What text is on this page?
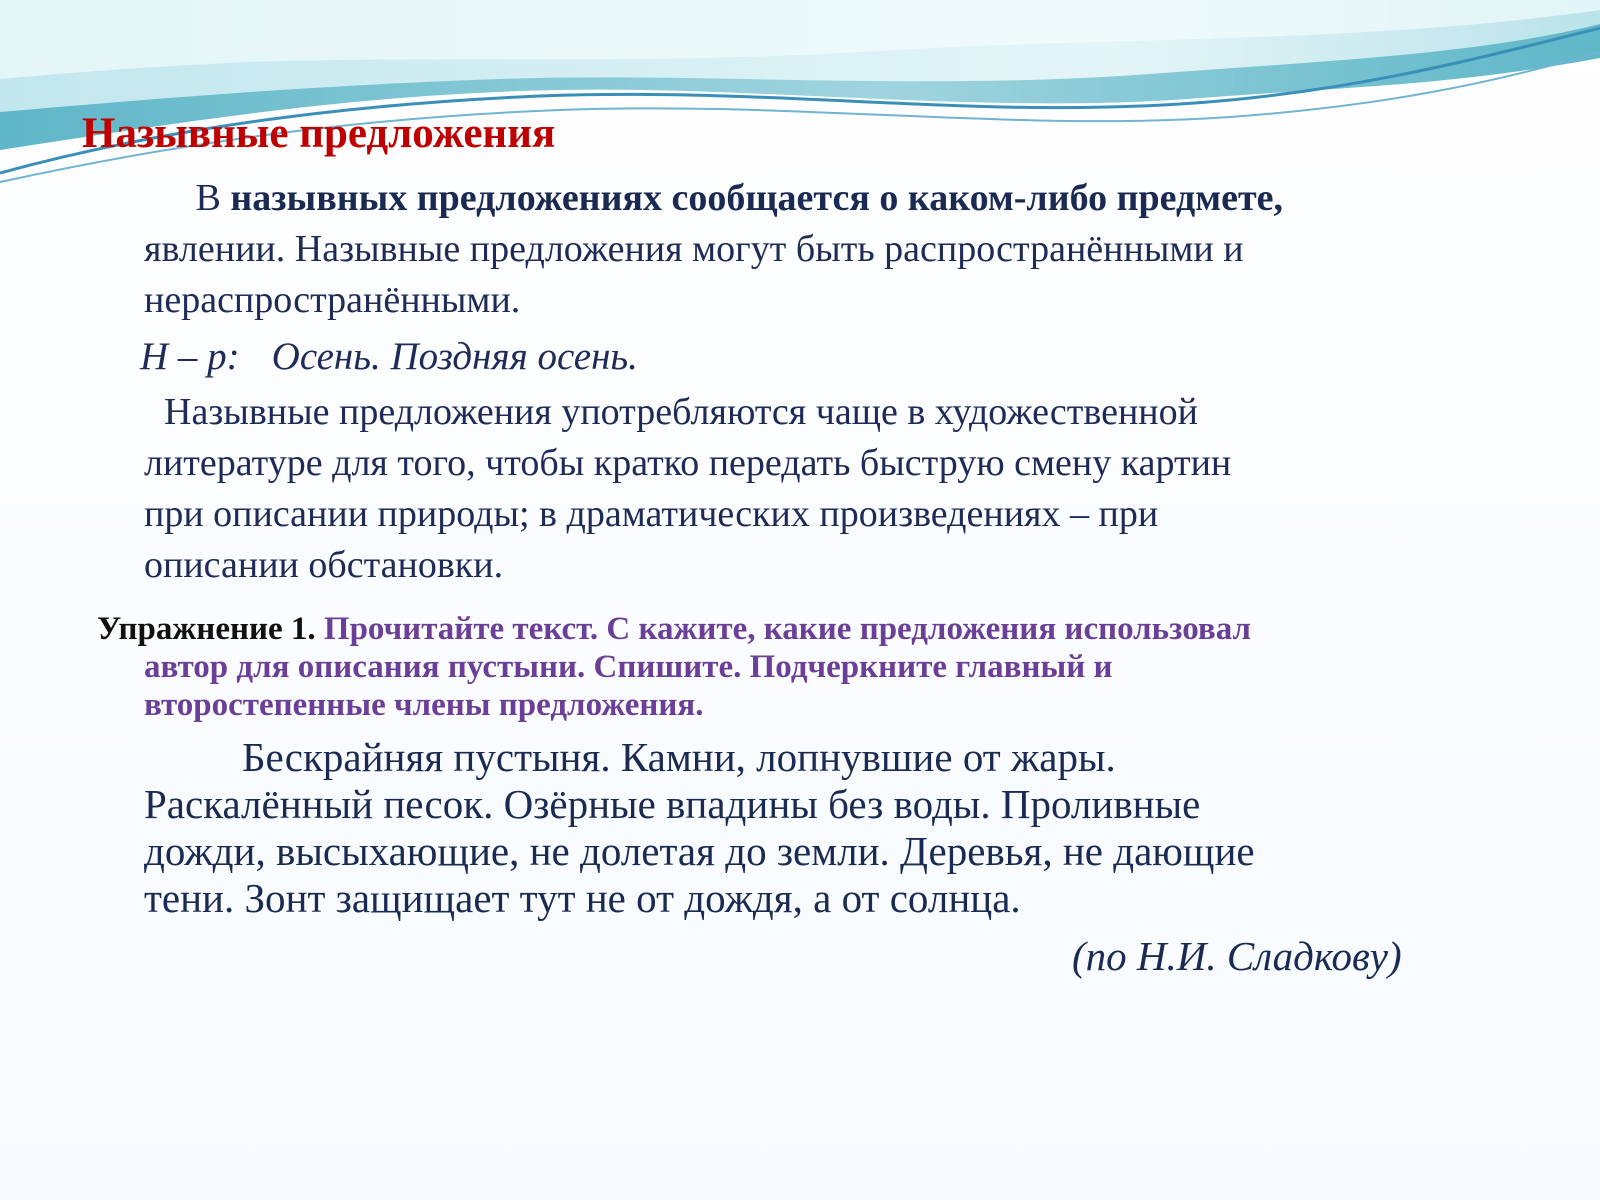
Назывные предложения
В назывных предложениях сообщается о каком-либо предмете,
явлении. Назывные предложения могут быть распространёнными и
нераспространёнными.
Н – р: Осень. Поздняя осень.
Назывные предложения употребляются чаще в художественной
литературе для того, чтобы кратко передать быструю смену картин
при описании природы; в драматических произведениях – при
описании обстановки.
Упражнение 1. Прочитайте текст. С кажите, какие предложения использовал
автор для описания пустыни. Спишите. Подчеркните главный и
второстепенные члены предложения.
Бескрайняя пустыня. Камни, лопнувшие от жары.
Раскалённый песок. Озёрные впадины без воды. Проливные
дожди, высыхающие, не долетая до земли. Деревья, не дающие
тени. Зонт защищает тут не от дождя, а от солнца.
(по Н.И. Сладкову)
